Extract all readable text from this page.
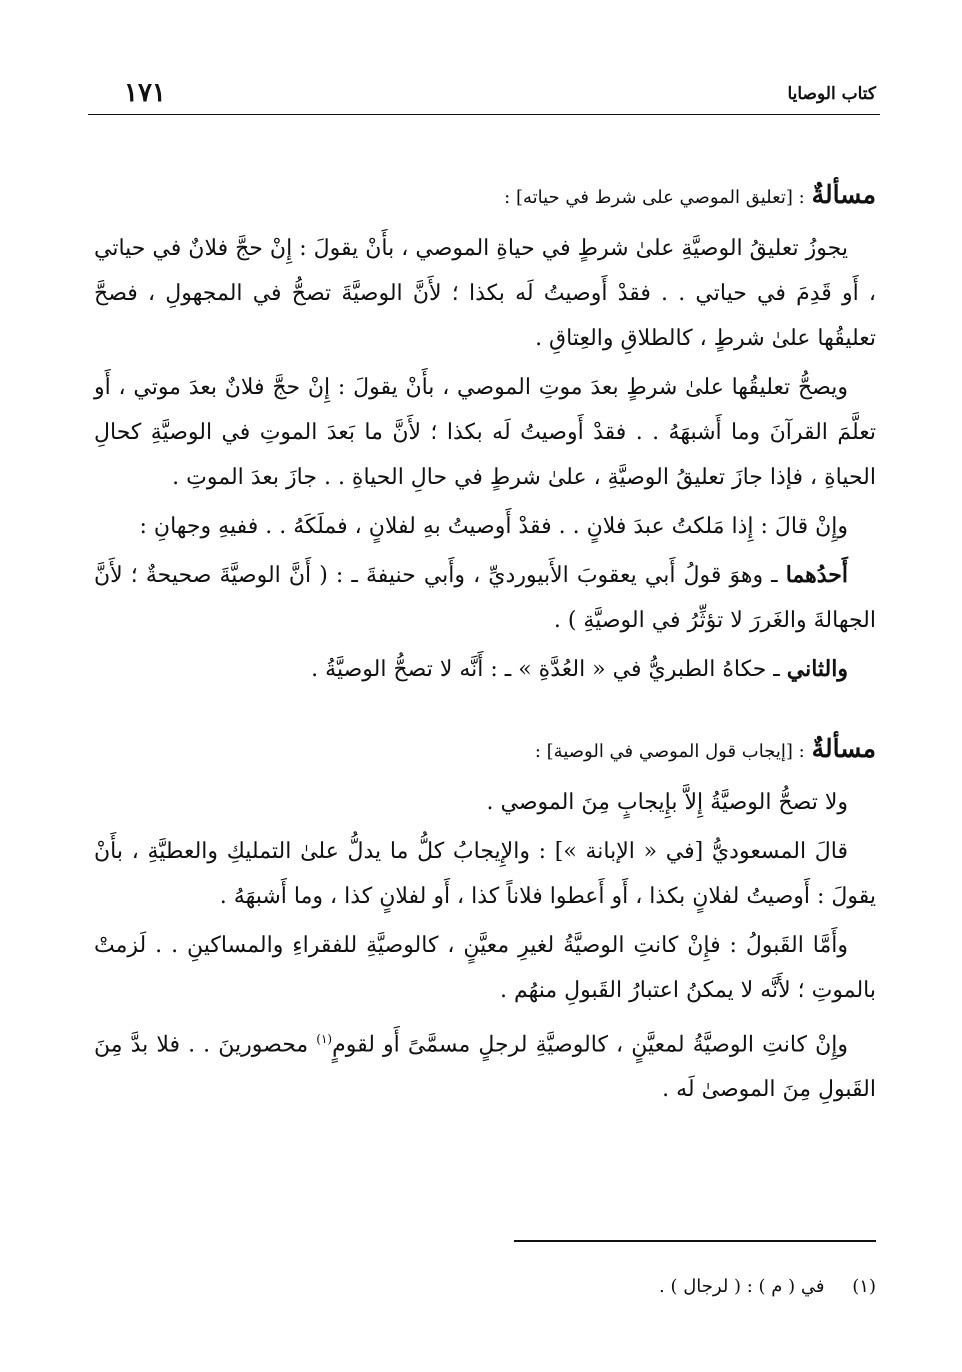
كتاب الوصايا
١٧١
مسألةٌ : [تعليق الموصي على شرط في حياته] :

يجوزُ تعليقُ الوصيَّةِ علىٰ شرطٍ في حياةِ الموصي ، بأَنْ يقولَ : إِنْ حجَّ فلانٌ في حياتي ، أَو قَدِمَ في حياتي . . فقدْ أَوصيتُ لَه بكذا ؛ لأَنَّ الوصيَّةَ تصحُّ في المجهولِ ، فصحَّ تعليقُها علىٰ شرطٍ ، كالطلاقِ والعِتاقِ .

ويصحُّ تعليقُها علىٰ شرطٍ بعدَ موتِ الموصي ، بأَنْ يقولَ : إِنْ حجَّ فلانٌ بعدَ موتي ، أَو تعلَّمَ القرآنَ وما أَشبهَهُ . . فقدْ أَوصيتُ لَه بكذا ؛ لأَنَّ ما بَعدَ الموتِ في الوصيَّةِ كحالِ الحياةِ ، فإذا جازَ تعليقُ الوصيَّةِ ، علىٰ شرطٍ في حالِ الحياةِ . . جازَ بعدَ الموتِ .

وإِنْ قالَ : إِذا مَلكتُ عبدَ فلانٍ . . فقدْ أَوصيتُ بهِ لفلانٍ ، فملَكَهُ . . ففيهِ وجهانِ :

أَحدُهما ـ وهوَ قولُ أَبي يعقوبَ الأَبيورديِّ ، وأَبي حنيفةَ ـ : ( أَنَّ الوصيَّةَ صحيحةٌ ؛ لأَنَّ الجهالةَ والغَررَ لا تؤثِّرُ في الوصيَّةِ ) .

والثاني ـ حكاهُ الطبريُّ في « العُدَّةِ » ـ : أَنَّه لا تصحُّ الوصيَّةُ .

مسألةٌ : [إيجاب قول الموصي في الوصية] :

ولا تصحُّ الوصيَّةُ إِلاَّ بإِيجابٍ مِنَ الموصي .

قالَ المسعوديُّ [في « الإبانة »] : والإِيجابُ كلُّ ما يدلُّ علىٰ التمليكِ والعطيَّةِ ، بأَنْ يقولَ : أَوصيتُ لفلانٍ بكذا ، أَو أَعطوا فلاناً كذا ، أَو لفلانٍ كذا ، وما أَشبهَهُ .

وأَمَّا القَبولُ : فإِنْ كانتِ الوصيَّةُ لغيرِ معيَّنٍ ، كالوصيَّةِ للفقراءِ والمساكينِ . . لَزمتْ بالموتِ ؛ لأَنَّه لا يمكنُ اعتبارُ القَبولِ منهُم .

وإِنْ كانتِ الوصيَّةُ لمعيَّنٍ ، كالوصيَّةِ لرجلٍ مسمَّىً أَو لقومٍ$^{(١)}$ محصورينَ . . فلا بدَّ مِنَ القَبولِ مِنَ الموصىٰ لَه .

(١) في ( م ) : ( لرجال ) .
